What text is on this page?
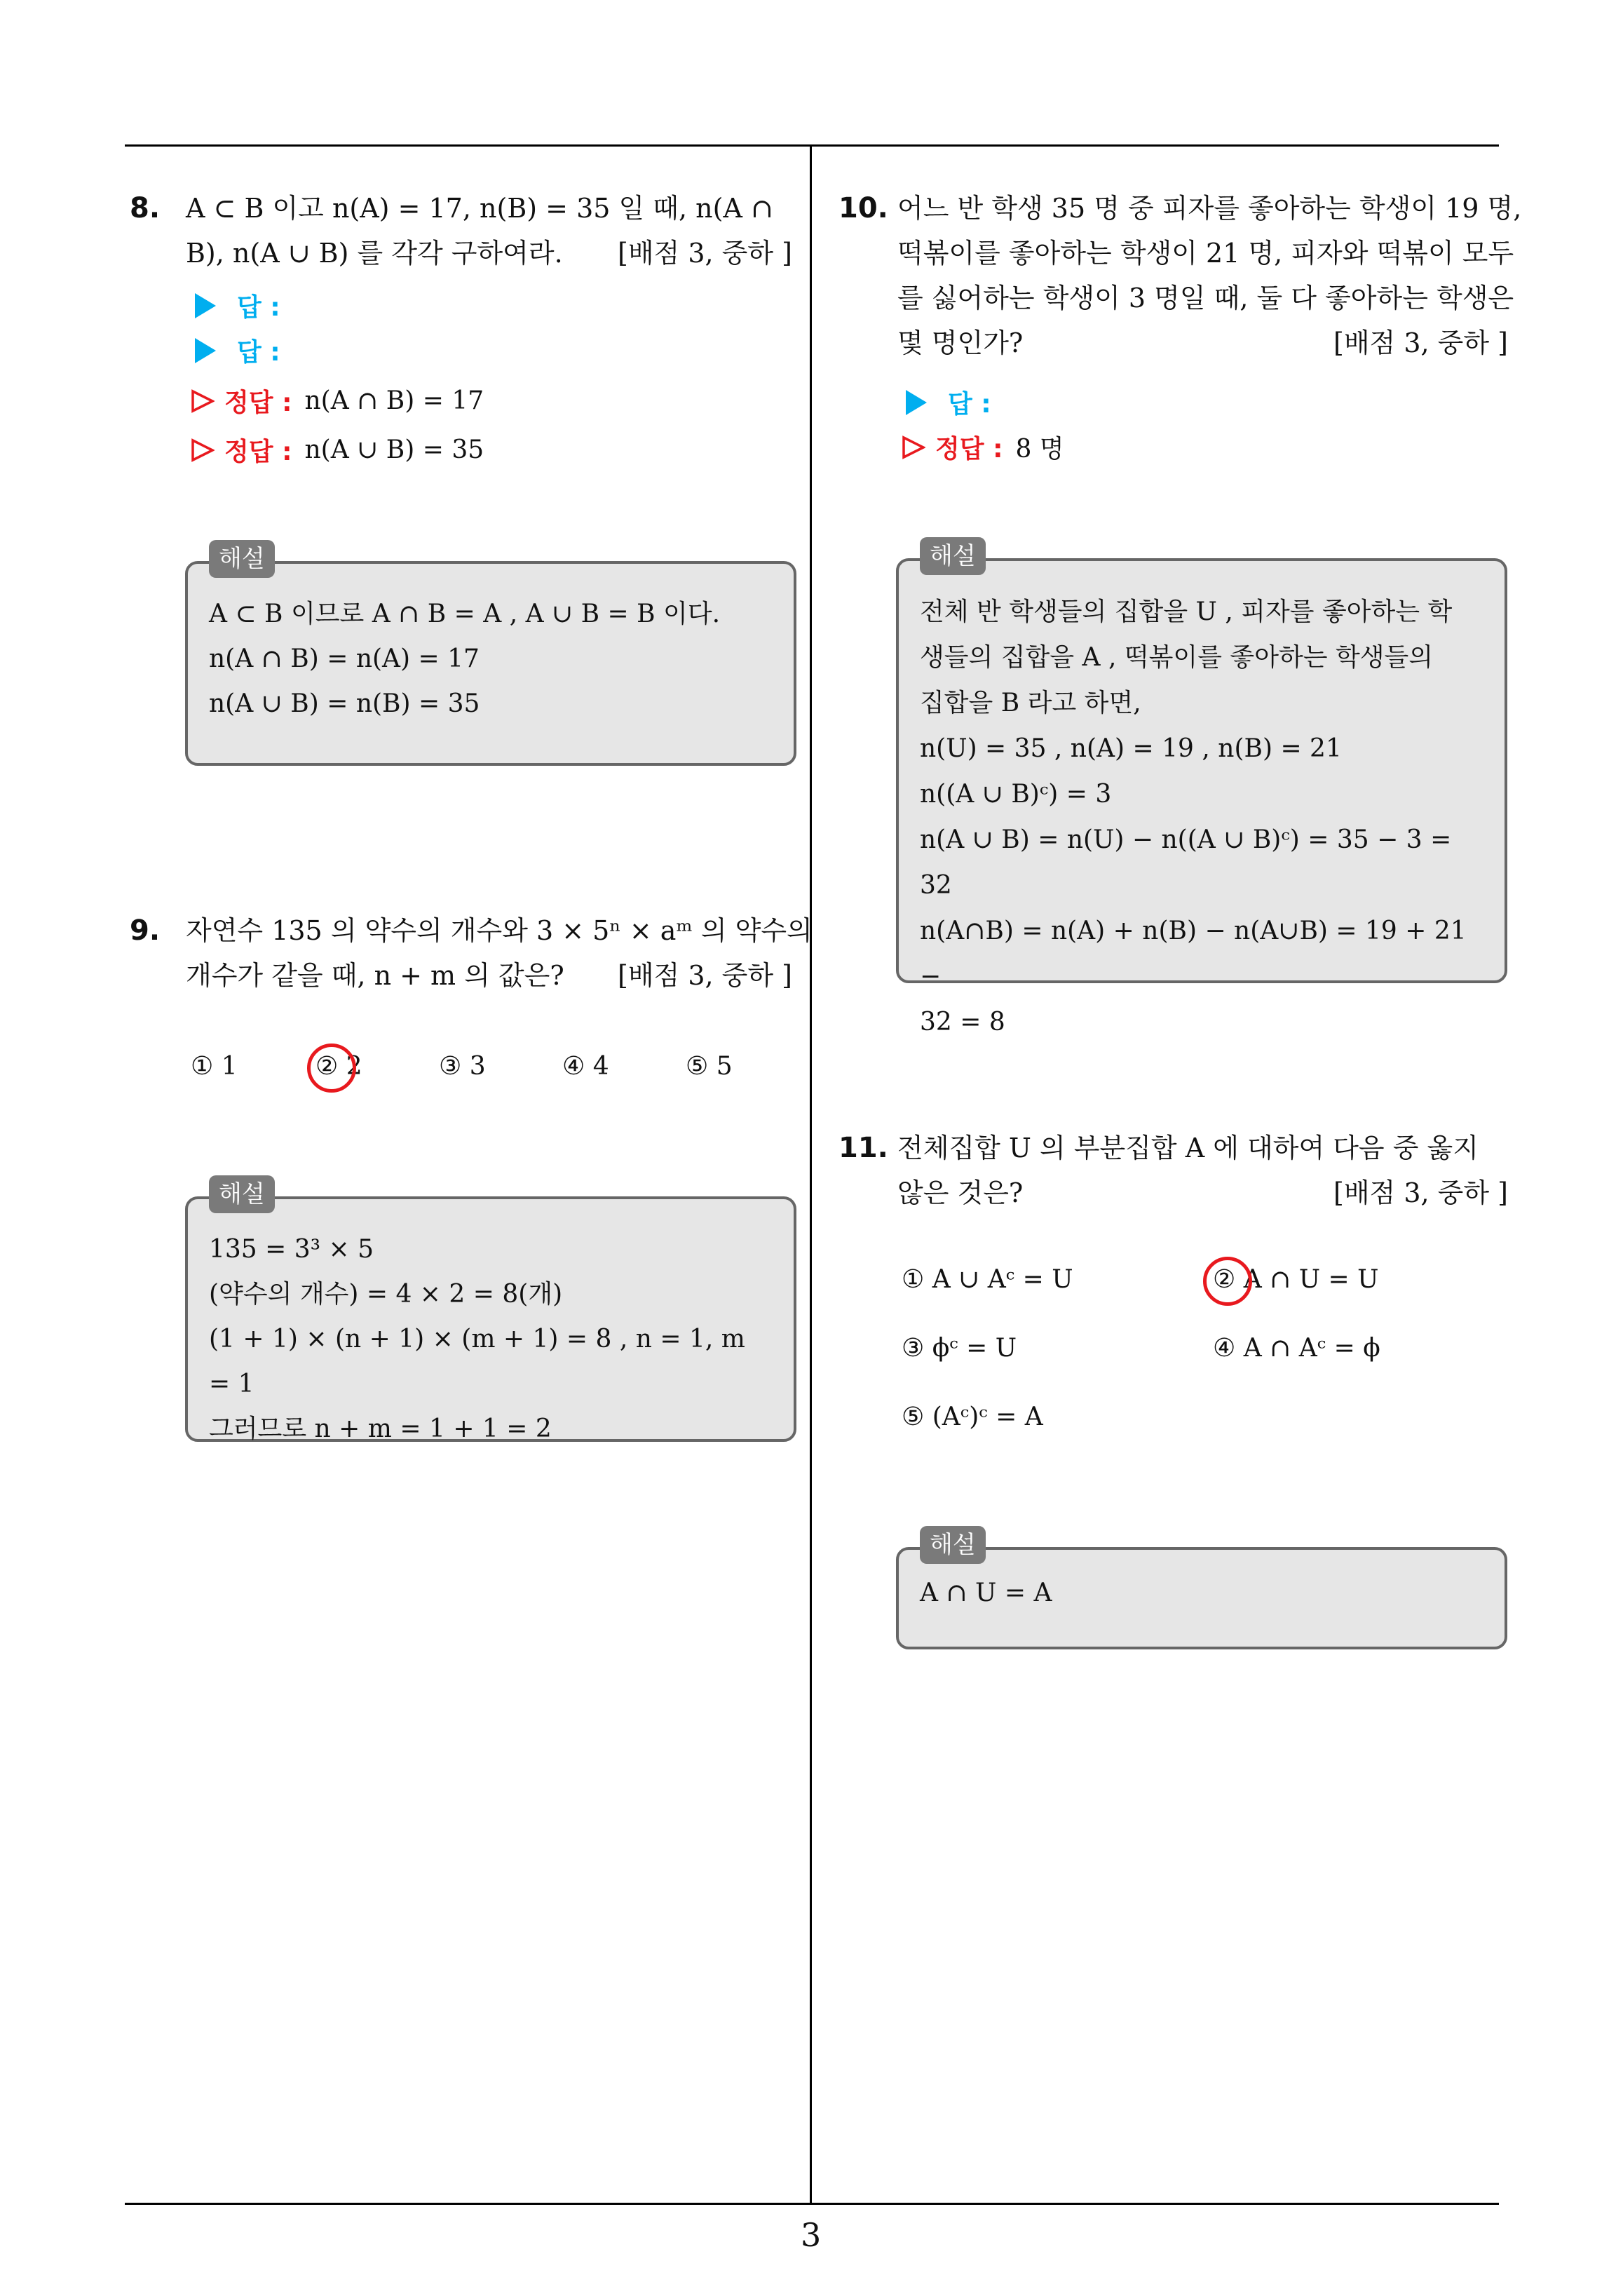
3
8. A ⊂ B 이고 n(A) = 17, n(B) = 35 일 때, n(A ∩
B), n(A ∪ B) 를 각각 구하여라. [배점 3, 중하 ]
답 :
답 :
정답 : n(A ∩ B) = 17
정답 : n(A ∪ B) = 35
해설
A ⊂ B 이므로 A ∩ B = A , A ∪ B = B 이다.
n(A ∩ B) = n(A) = 17
n(A ∪ B) = n(B) = 35
9. 자연수 135 의 약수의 개수와 3 × 5ⁿ × aᵐ 의 약수의
개수가 같을 때, n + m 의 값은? [배점 3, 중하 ]
① 1	② 2	③ 3	④ 4	⑤ 5
해설
135 = 3³ × 5
(약수의 개수) = 4 × 2 = 8(개)
(1 + 1) × (n + 1) × (m + 1) = 8 , n = 1, m = 1
그러므로 n + m = 1 + 1 = 2
10. 어느 반 학생 35 명 중 피자를 좋아하는 학생이 19 명,
떡볶이를 좋아하는 학생이 21 명, 피자와 떡볶이 모두
를 싫어하는 학생이 3 명일 때, 둘 다 좋아하는 학생은
몇 명인가?	[배점 3, 중하 ]
답 :
정답 : 8 명
해설
전체 반 학생들의 집합을 U , 피자를 좋아하는 학
생들의 집합을 A , 떡볶이를 좋아하는 학생들의
집합을 B 라고 하면,
n(U) = 35 , n(A) = 19 , n(B) = 21
n((A ∪ B)ᶜ) = 3
n(A ∪ B) = n(U) − n((A ∪ B)ᶜ) = 35 − 3 = 32
n(A∩B) = n(A) + n(B) − n(A∪B) = 19 + 21 −
32 = 8
11. 전체집합 U 의 부분집합 A 에 대하여 다음 중 옳지
않은 것은?	[배점 3, 중하 ]
① A ∪ Aᶜ = U	② A ∩ U = U
③ ϕᶜ = U	④ A ∩ Aᶜ = ϕ
⑤ (Aᶜ)ᶜ = A
해설
A ∩ U = A
